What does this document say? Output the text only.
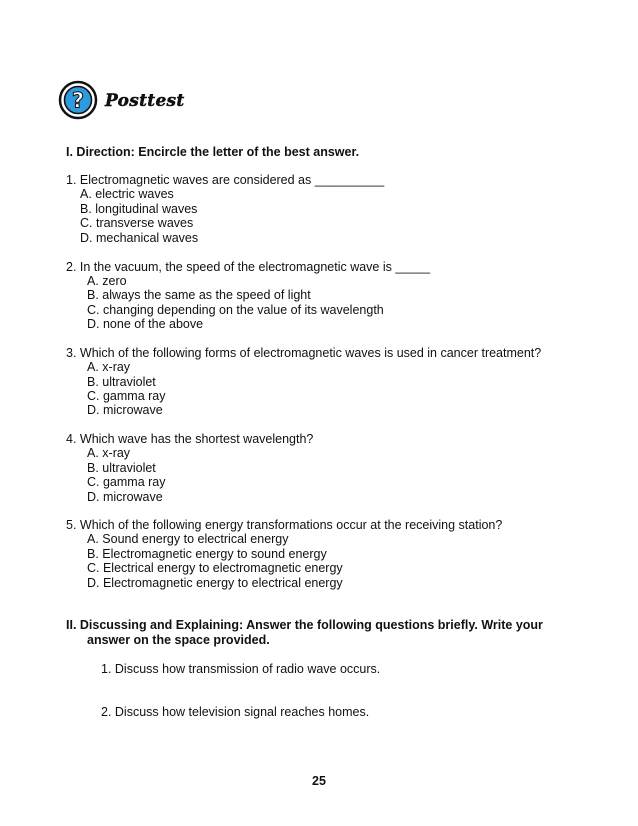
? Posttest
I. Direction: Encircle the letter of the best answer.
1. Electromagnetic waves are considered as __________
A. electric waves
B. longitudinal waves
C. transverse waves
D. mechanical waves
2. In the vacuum, the speed of the electromagnetic wave is _____
A. zero
B. always the same as the speed of light
C. changing depending on the value of its wavelength
D. none of the above
3. Which of the following forms of electromagnetic waves is used in cancer treatment?
A. x-ray
B. ultraviolet
C. gamma ray
D. microwave
4. Which wave has the shortest wavelength?
A. x-ray
B. ultraviolet
C. gamma ray
D. microwave
5. Which of the following energy transformations occur at the receiving station?
A. Sound energy to electrical energy
B. Electromagnetic energy to sound energy
C. Electrical energy to electromagnetic energy
D. Electromagnetic energy to electrical energy
II. Discussing and Explaining: Answer the following questions briefly. Write your
answer on the space provided.
1. Discuss how transmission of radio wave occurs.
2. Discuss how television signal reaches homes.
25
